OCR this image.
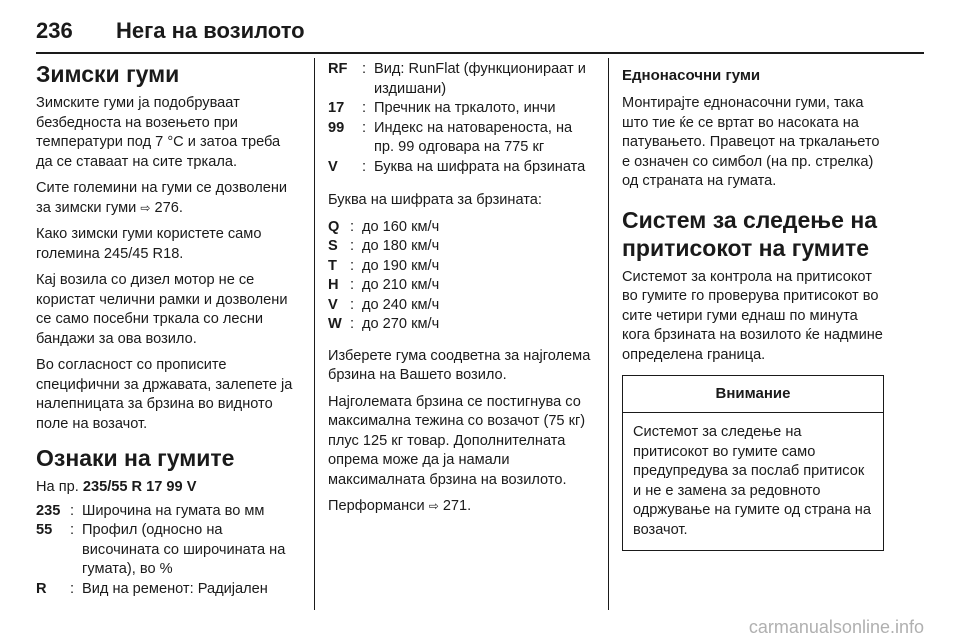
236 Нега на возилото
Зимски гуми

Зимските гуми ја подобруваат безбедноста на возењето при температури под 7 °C и затоа треба да се ставаат на сите тркала.

Сите големини на гуми се дозволени за зимски гуми ⇨ 276.

Како зимски гуми користете само големина 245/45 R18.

Кај возила со дизел мотор не се користат челични рамки и дозволени се само посебни тркала со лесни бандажи за ова возило.

Во согласност со прописите специфични за државата, залепете ја налепницата за брзина во видното поле на возачот.

Ознаки на гумите

На пр. 235/55 R 17 99 V

235 : Широчина на гумата во мм
55	: Профил (односно на височината со широчината на гумата), во %
R	: Вид на ременот: Радијален
RF : Вид: RunFlat (функционираат и издишани)
17	: Пречник на тркалото, инчи
99	: Индекс на натовареноста, на пр. 99 одговара на 775 кг
V	: Буква на шифрата на брзината

Буква на шифрата за брзината:

Q : до 160 км/ч
S : до 180 км/ч
T : до 190 км/ч
H : до 210 км/ч
V : до 240 км/ч
W : до 270 км/ч

Изберете гума соодветна за најголема брзина на Вашето возило.

Најголемата брзина се постигнува со максимална тежина со возачот (75 кг) плус 125 кг товар. Дополнителната опрема може да ја намали максималната брзина на возилото.

Перформанси ⇨ 271.

Еднонасочни гуми

Монтирајте еднонасочни гуми, така што тие ќе се вртат во насоката на патувањето. Правецот на тркалањето е означен со симбол (на пр. стрелка) од страната на гумата.

Систем за следење на притисокот на гумите

Системот за контрола на притисокот во гумите го проверува притисокот во сите четири гуми еднаш по минута кога брзината на возилото ќе надмине определена граница.

Внимание
Системот за следење на притисокот во гумите само предупредува за послаб притисок и не е замена за редовното одржување на гумите од страна на возачот.
carmanualsonline.info
